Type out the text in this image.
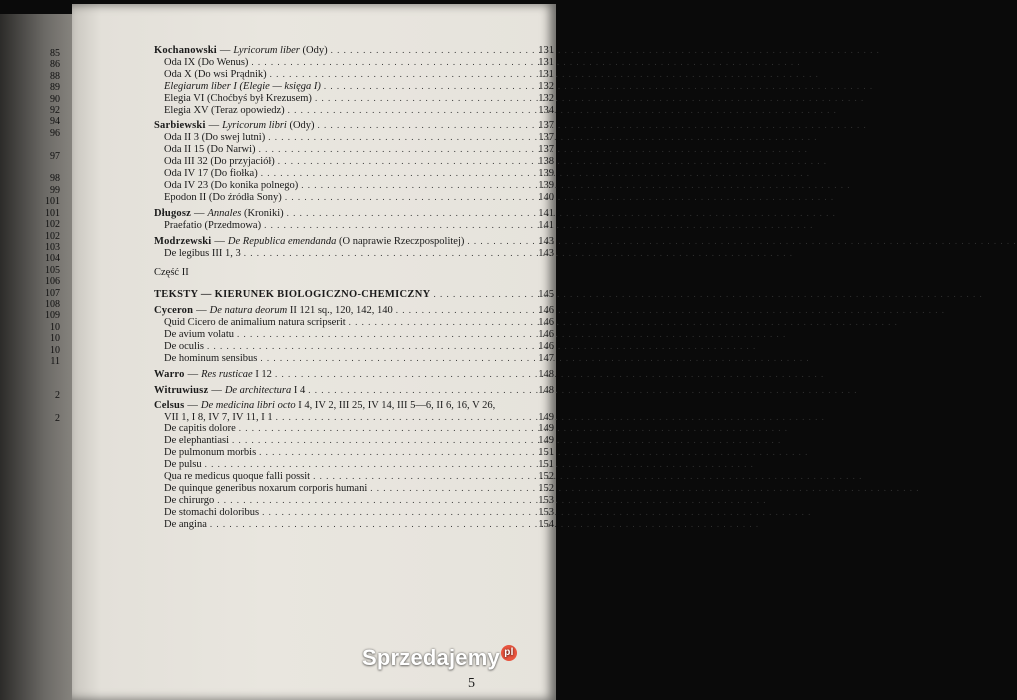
85
86
88
89
90
92
94
96

97

98
99
101
101
102
102
103
104
105
106
107
108
109
10
10
10
11

2

2
Kochanowski — Lyricorum liber (Ody) . . .	131
Oda IX (Do Wenus) . . .	131
Oda X (Do wsi Prądnik) . . .	131
Elegiarum liber I (Elegie — księga I) . . .	132
Elegia VI (Choćbyś był Krezusem) . . .	132
Elegia XV (Teraz opowiedz) . . .	134
Sarbiewski — Lyricorum libri (Ody) . . .	137
Oda II 3 (Do swej lutni) . . .	137
Oda II 15 (Do Narwi) . . .	137
Oda III 32 (Do przyjaciół) . . .	138
Oda IV 17 (Do fiołka) . . .	139
Oda IV 23 (Do konika polnego) . . .	139
Epodon II (Do źródła Sony) . . .	140
Długosz — Annales (Kroniki) . . .	141
Praefatio (Przedmowa) . . .	141
Modrzewski — De Republica emendanda (O naprawie Rzeczpospolitej) . . .	143
De legibus III 1, 3 . . .	143
Część II
TEKSTY — KIERUNEK BIOLOGICZNO-CHEMICZNY . . .	145
Cyceron — De natura deorum II 121 sq., 120, 142, 140 . . .	146
Quid Cicero de animalium natura scripserit . . .	146
De avium volatu . . .	146
De oculis . . .	146
De hominum sensibus . . .	147
Warro — Res rusticae I 12 . . .	148
Witruwiusz — De architectura I 4 . . .	148
Celsus — De medicina libri octo I 4, IV 2, III 25, IV 14, III 5—6, II 6, 16, V 26,
VII 1, I 8, IV 7, IV 11, I 1 . . .	149
De capitis dolore . . .	149
De elephantiasi . . .	149
De pulmonum morbis . . .	151
De pulsu . . .	151
Qua re medicus quoque falli possit . . .	152
De quinque generibus noxarum corporis humani . . .	152
De chirurgo . . .	153
De stomachi doloribus . . .	153
De angina . . .	154
Sprzedajemy pl
5
